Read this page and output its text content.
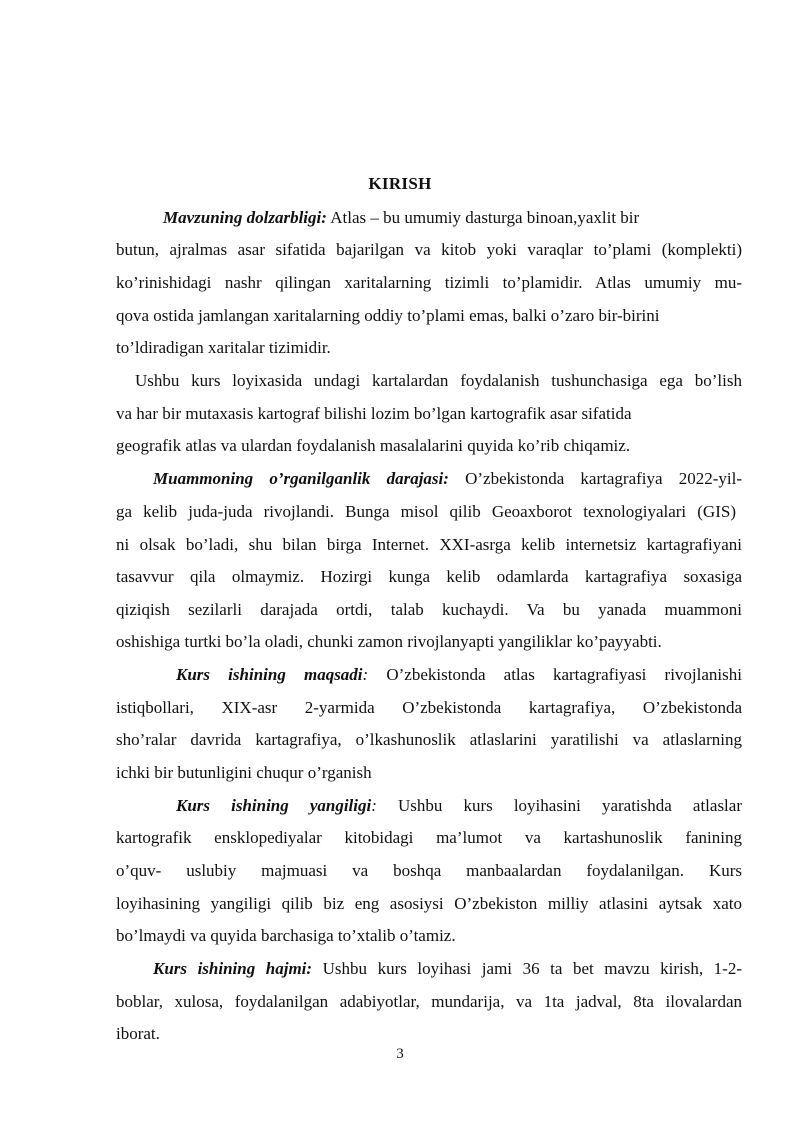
KIRISH
Mavzuning dolzarbligi: Atlas – bu umumiy dasturga binoan,yaxlit bir
butun, ajralmas asar sifatida bajarilgan va kitob yoki varaqlar to’plami (komplekti)
ko’rinishidagi nashr qilingan xaritalarning tizimli to’plamidir. Atlas umumiy mu-
qova ostida jamlangan xaritalarning oddiy to’plami emas, balki o’zaro bir-birini
to’ldiradigan xaritalar tizimidir.
Ushbu kurs loyixasida undagi kartalardan foydalanish tushunchasiga ega bo’lish
va har bir mutaxasis kartograf bilishi lozim bo’lgan kartografik asar sifatida
geografik atlas va ulardan foydalanish masalalarini quyida ko’rib chiqamiz.
Muammoning o’rganilganlik darajasi: O’zbekistonda kartagrafiya 2022-yil-
ga kelib juda-juda rivojlandi. Bunga misol qilib Geoaxborot texnologiyalari (GIS)
ni olsak bo’ladi, shu bilan birga Internet. XXI-asrga kelib internetsiz kartagrafiyani
tasavvur qila olmaymiz. Hozirgi kunga kelib odamlarda kartagrafiya soxasiga
qiziqish sezilarli darajada ortdi, talab kuchaydi. Va bu yanada muammoni
oshishiga turtki bo’la oladi, chunki zamon rivojlanyapti yangiliklar ko’payyabti.
Kurs ishining maqsadi: O’zbekistonda atlas kartagrafiyasi rivojlanishi
istiqbollari, XIX-asr 2-yarmida O’zbekistonda kartagrafiya, O’zbekistonda
sho’ralar davrida kartagrafiya, o’lkashunoslik atlaslarini yaratilishi va atlaslarning
ichki bir butunligini chuqur o’rganish
Kurs ishining yangiligi: Ushbu kurs loyihasini yaratishda atlaslar
kartografik ensklopediyalar kitobidagi ma’lumot va kartashunoslik fanining
o’quv- uslubiy majmuasi va boshqa manbaalardan foydalanilgan. Kurs
loyihasining yangiligi qilib biz eng asosiysi O’zbekiston milliy atlasini aytsak xato
bo’lmaydi va quyida barchasiga to’xtalib o’tamiz.
Kurs ishining hajmi: Ushbu kurs loyihasi jami 36 ta bet mavzu kirish, 1-2-
boblar, xulosa, foydalanilgan adabiyotlar, mundarija, va 1ta jadval, 8ta ilovalardan
iborat.
3
